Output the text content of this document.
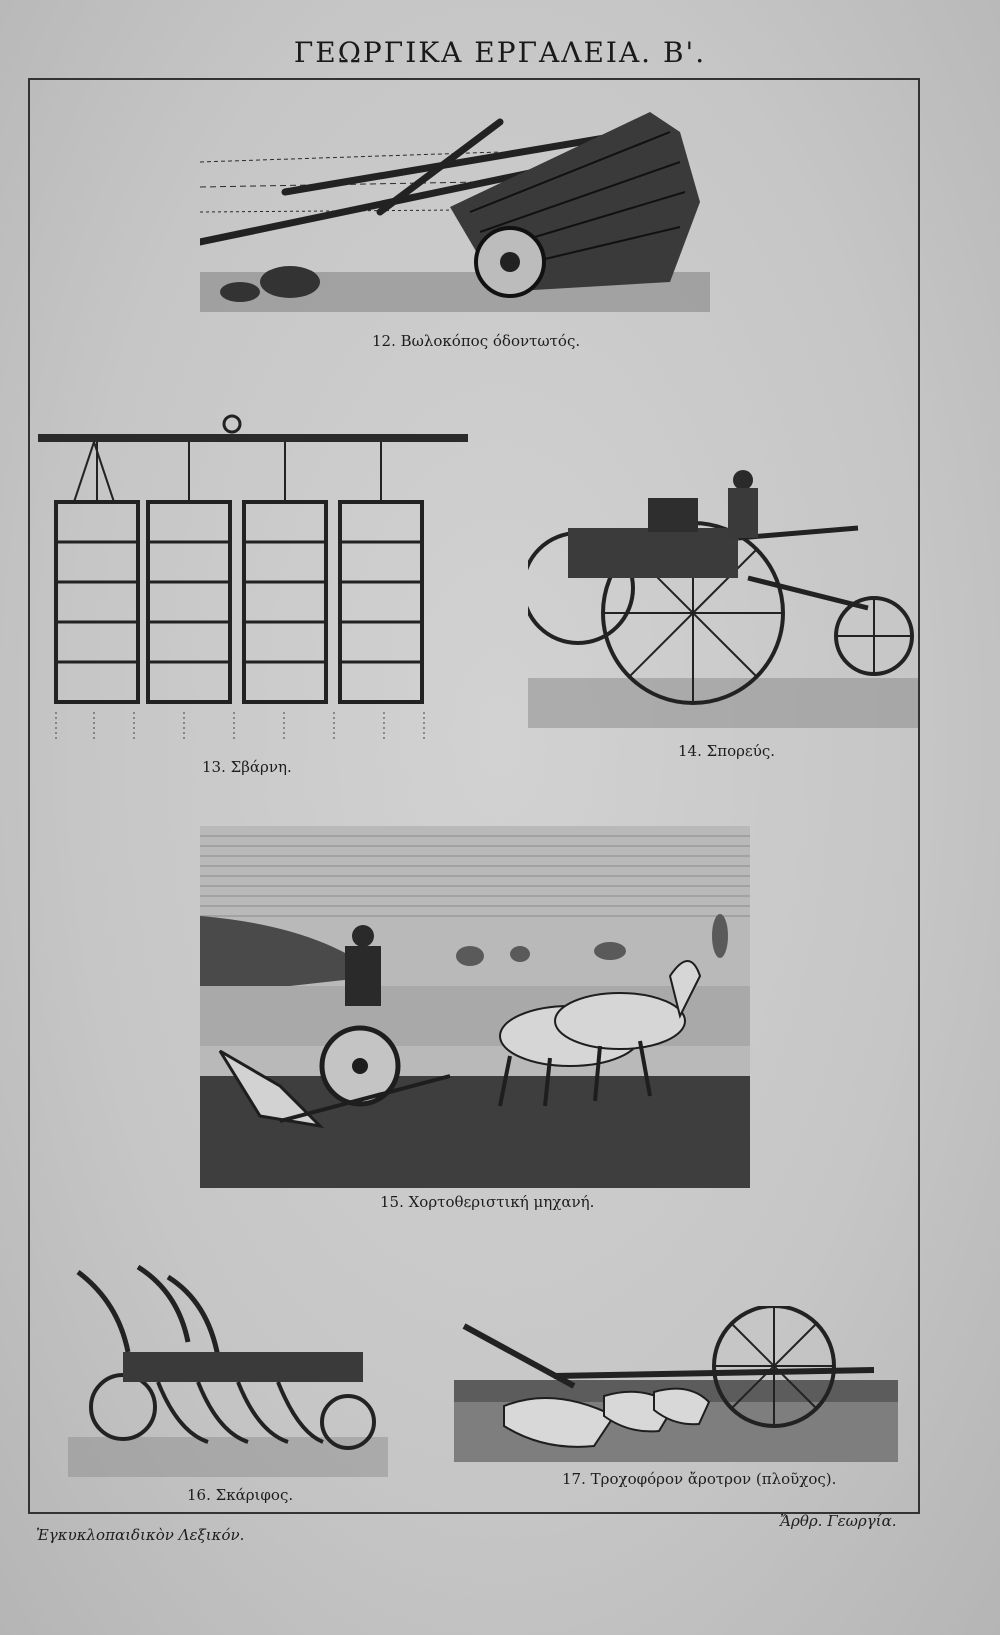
ΓΕΩΡΓΙΚΑ ΕΡΓΑΛΕΙΑ. Β'.
12. Βωλοκόπος όδοντωτός.
13. Σβάρνη.
14. Σπορεύς.
15. Χορτοθεριστική μηχανή.
16. Σκάριφος.
17. Τροχοφόρον ἄροτρον (πλοῦχος).
Ἐγκυκλοπαιδικὸν Λεξικόν.
Ἄρθρ. Γεωργία.
